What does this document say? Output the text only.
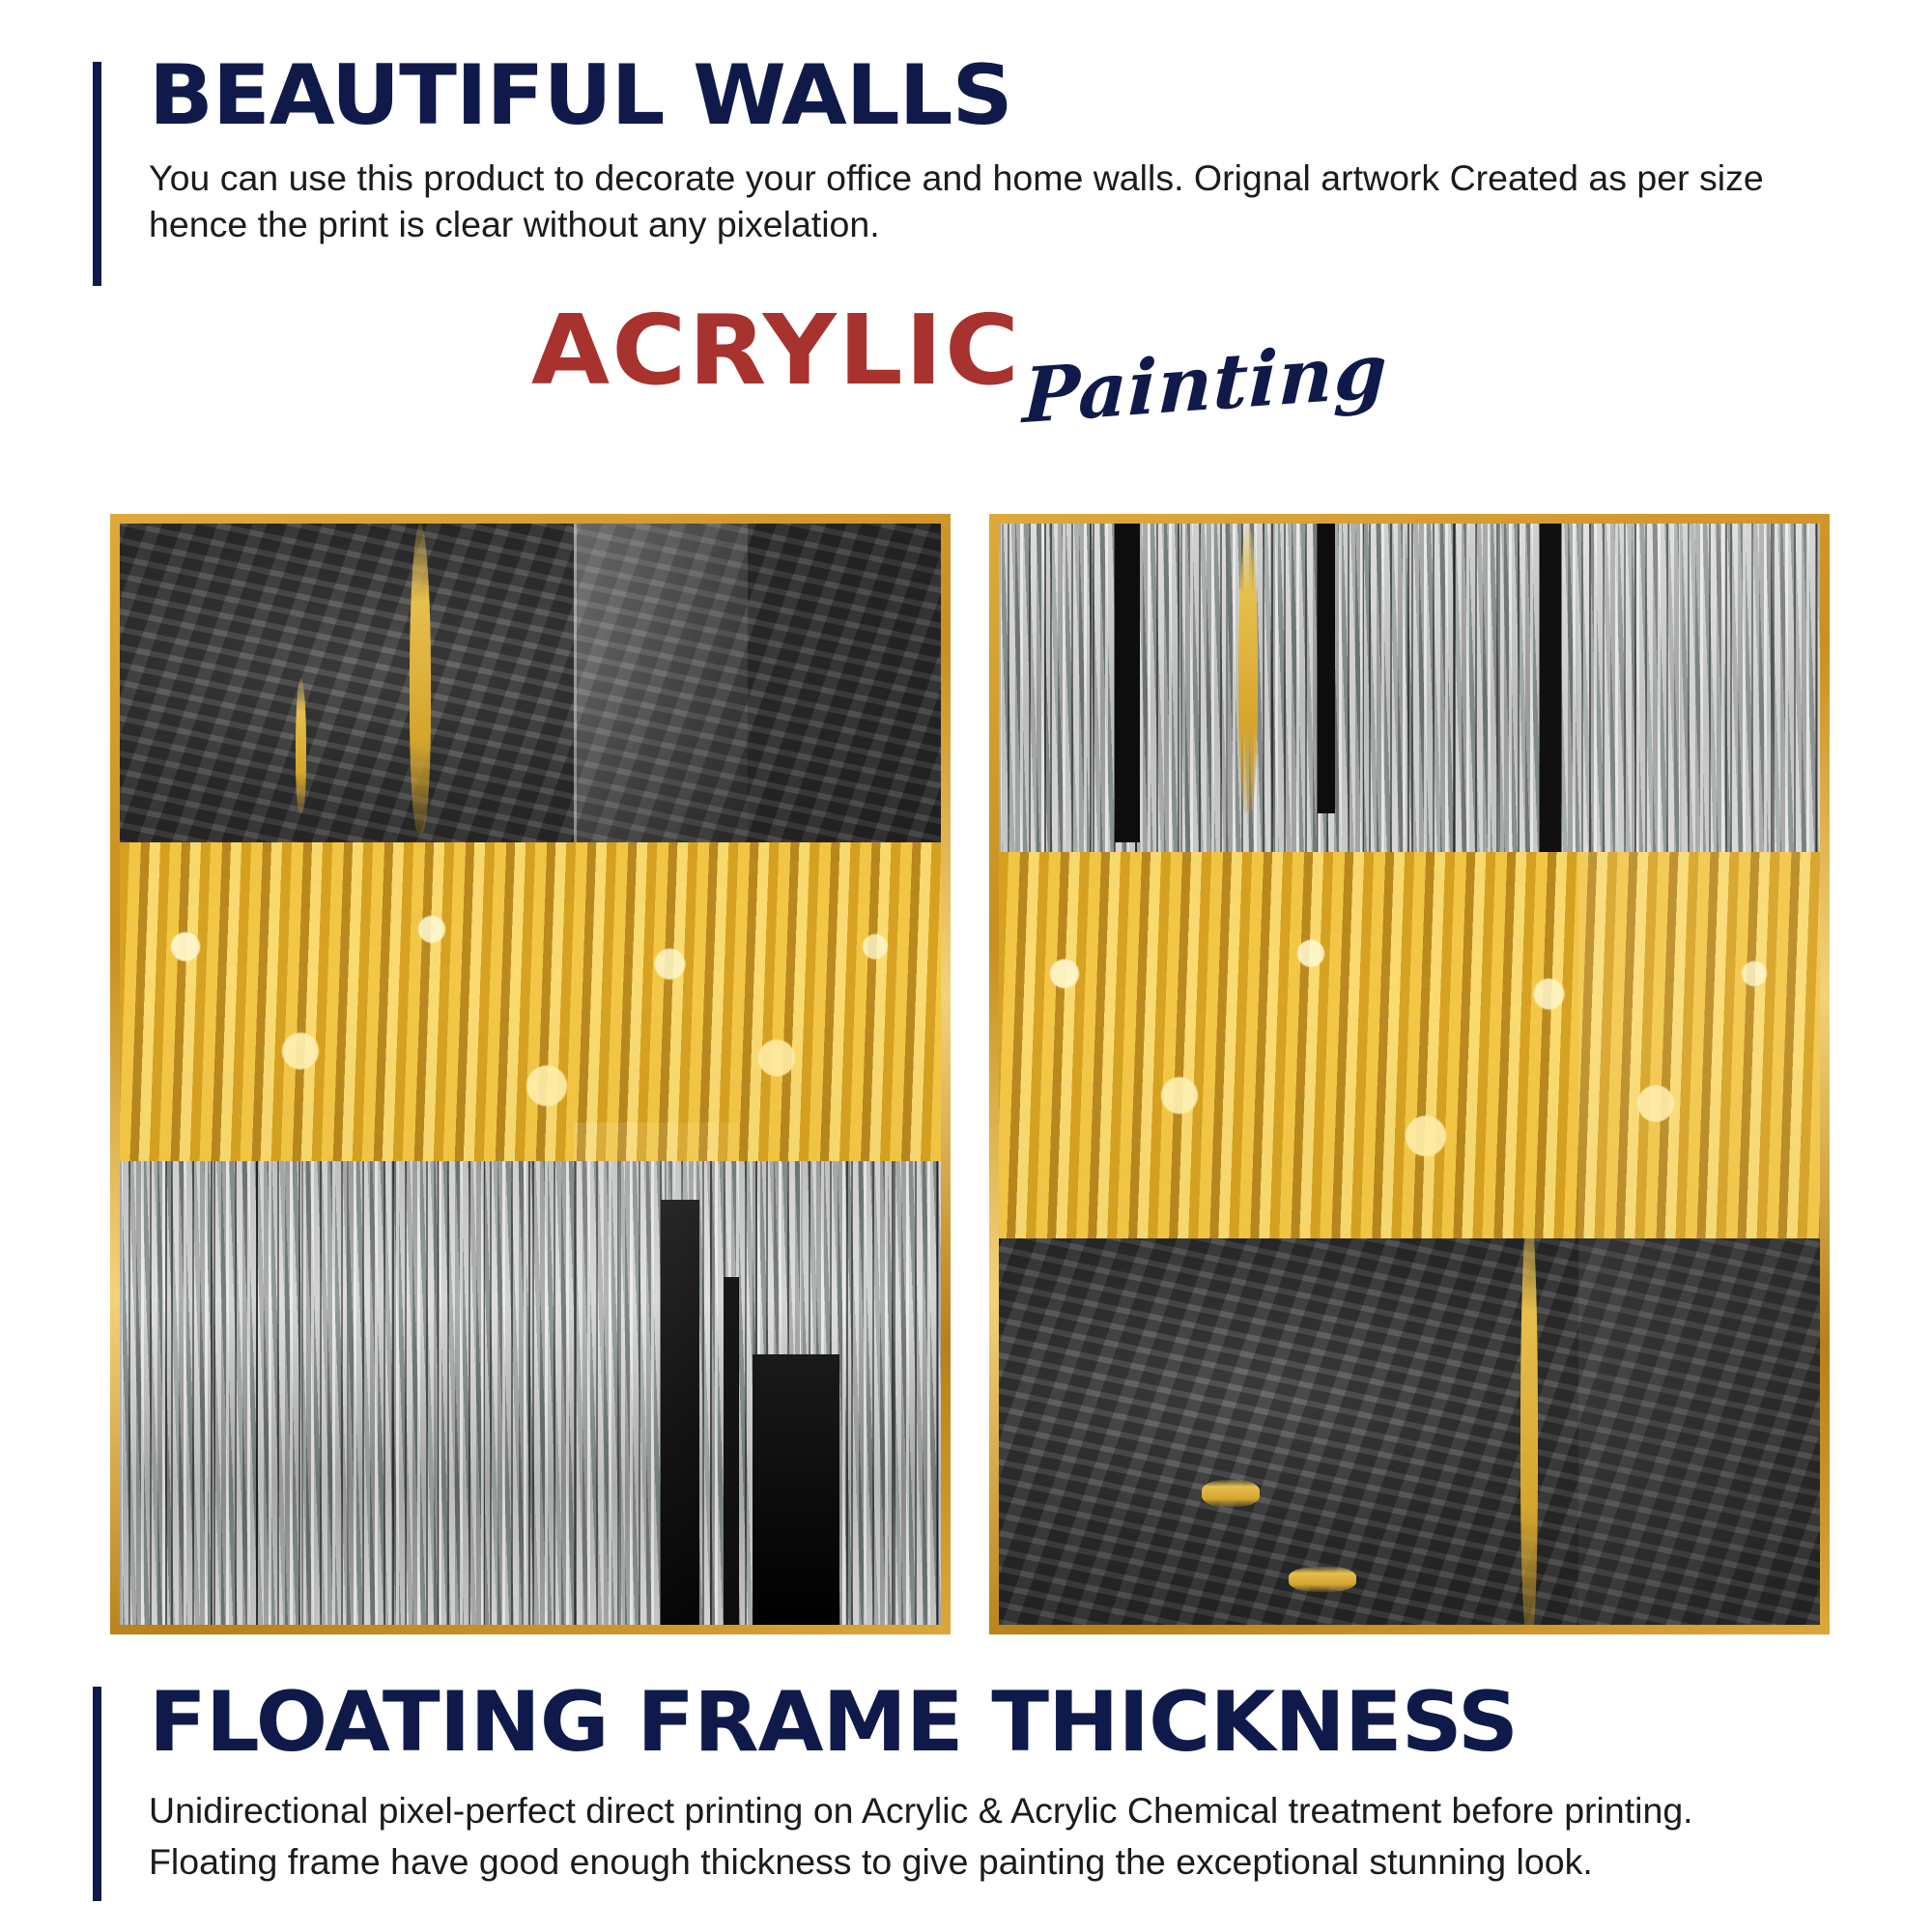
BEAUTIFUL WALLS

You can use this product to decorate your office and home walls. Orignal artwork Created as per size hence the print is clear without any pixelation.

ACRYLICPainting
FLOATING FRAME THICKNESS

Unidirectional pixel-perfect direct printing on Acrylic & Acrylic Chemical treatment before printing.

Floating frame have good enough thickness to give painting the exceptional stunning look.
